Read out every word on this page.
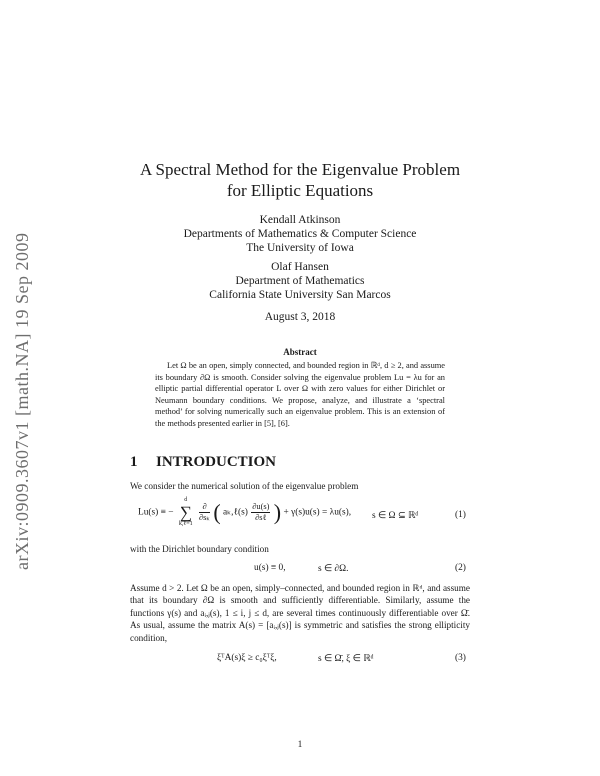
arXiv:0909.3607v1 [math.NA] 19 Sep 2009
A Spectral Method for the Eigenvalue Problem
for Elliptic Equations
Kendall Atkinson
Departments of Mathematics & Computer Science
The University of Iowa
Olaf Hansen
Department of Mathematics
California State University San Marcos
August 3, 2018
Abstract
Let Ω be an open, simply connected, and bounded region in ℝᵈ, d ≥ 2, and assume its boundary ∂Ω is smooth. Consider solving the eigenvalue problem Lu = λu for an elliptic partial differential operator L over Ω with zero values for either Dirichlet or Neumann boundary conditions. We propose, analyze, and illustrate a ‘spectral method’ for solving numerically such an eigenvalue problem. This is an extension of the methods presented earlier in [5], [6].
1 INTRODUCTION
We consider the numerical solution of the eigenvalue problem
Lu(s) ≡ −
d
∑
k,ℓ=1

$\frac{\partial}{\text{∂sₖ}}$ ( aₖ,ℓ(s) $\frac{\partial u(s)}{\text{∂sℓ}}$ ) + γ(s)u(s) = λu(s), s ∈ Ω ⊆ ℝᵈ	(1)
with the Dirichlet boundary condition
u(s) ≡ 0,	s ∈ ∂Ω.	(2)
Assume d > 2. Let Ω be an open, simply–connected, and bounded region in ℝᵈ, and assume that its boundary ∂Ω is smooth and sufficiently differentiable. Similarly, assume the functions γ(s) and aᵢ,ⱼ(s), 1 ≤ i, j ≤ d, are several times continuously differentiable over Ω̄. As usual, assume the matrix A(s) = [aᵢ,ⱼ(s)] is symmetric and satisfies the strong ellipticity condition,
ξᵀA(s)ξ ≥ c₀ξᵀξ,	s ∈ Ω̄, ξ ∈ ℝᵈ	(3)
1
